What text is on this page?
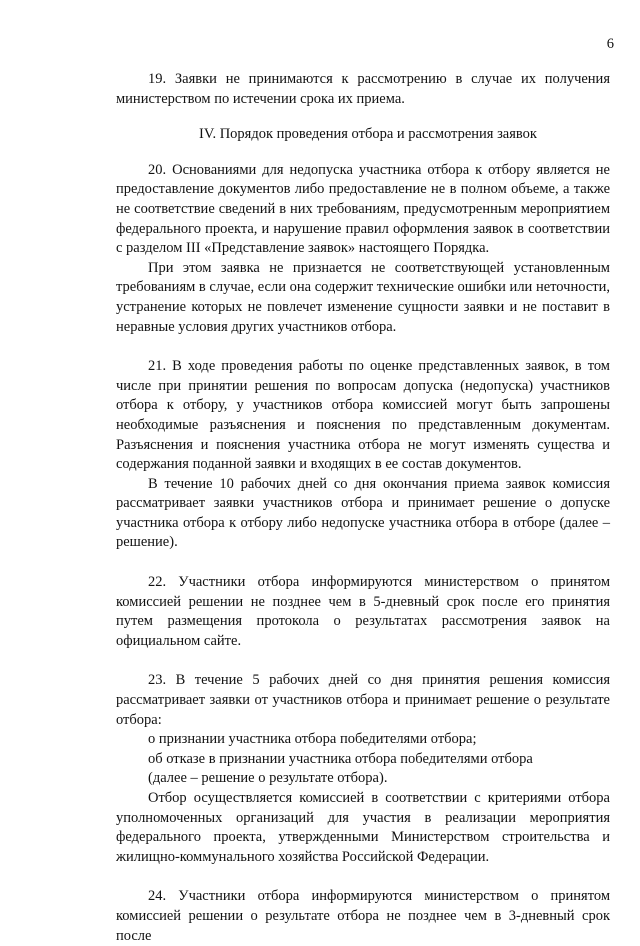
6

19. Заявки не принимаются к рассмотрению в случае их получения министерством по истечении срока их приема.

IV. Порядок проведения отбора и рассмотрения заявок

20. Основаниями для недопуска участника отбора к отбору является не предоставление документов либо предоставление не в полном объеме, а также не соответствие сведений в них требованиям, предусмотренным мероприятием федерального проекта, и нарушение правил оформления заявок в соответствии с разделом III «Представление заявок» настоящего Порядка.

При этом заявка не признается не соответствующей установленным требованиям в случае, если она содержит технические ошибки или неточности, устранение которых не повлечет изменение сущности заявки и не поставит в неравные условия других участников отбора.

21. В ходе проведения работы по оценке представленных заявок, в том числе при принятии решения по вопросам допуска (недопуска) участников отбора к отбору, у участников отбора комиссией могут быть запрошены необходимые разъяснения и пояснения по представленным документам. Разъяснения и пояснения участника отбора не могут изменять существа и содержания поданной заявки и входящих в ее состав документов.

В течение 10 рабочих дней со дня окончания приема заявок комиссия рассматривает заявки участников отбора и принимает решение о допуске участника отбора к отбору либо недопуске участника отбора в отборе (далее – решение).

22. Участники отбора информируются министерством о принятом комиссией решении не позднее чем в 5-дневный срок после его принятия путем размещения протокола о результатах рассмотрения заявок на официальном сайте.

23. В течение 5 рабочих дней со дня принятия решения комиссия рассматривает заявки от участников отбора и принимает решение о результате отбора:

о признании участника отбора победителями отбора;

об отказе в признании участника отбора победителями отбора

(далее – решение о результате отбора).

Отбор осуществляется комиссией в соответствии с критериями отбора уполномоченных организаций для участия в реализации мероприятия федерального проекта, утвержденными Министерством строительства и жилищно-коммунального хозяйства Российской Федерации.

24. Участники отбора информируются министерством о принятом комиссией решении о результате отбора не позднее чем в 3-дневный срок после
